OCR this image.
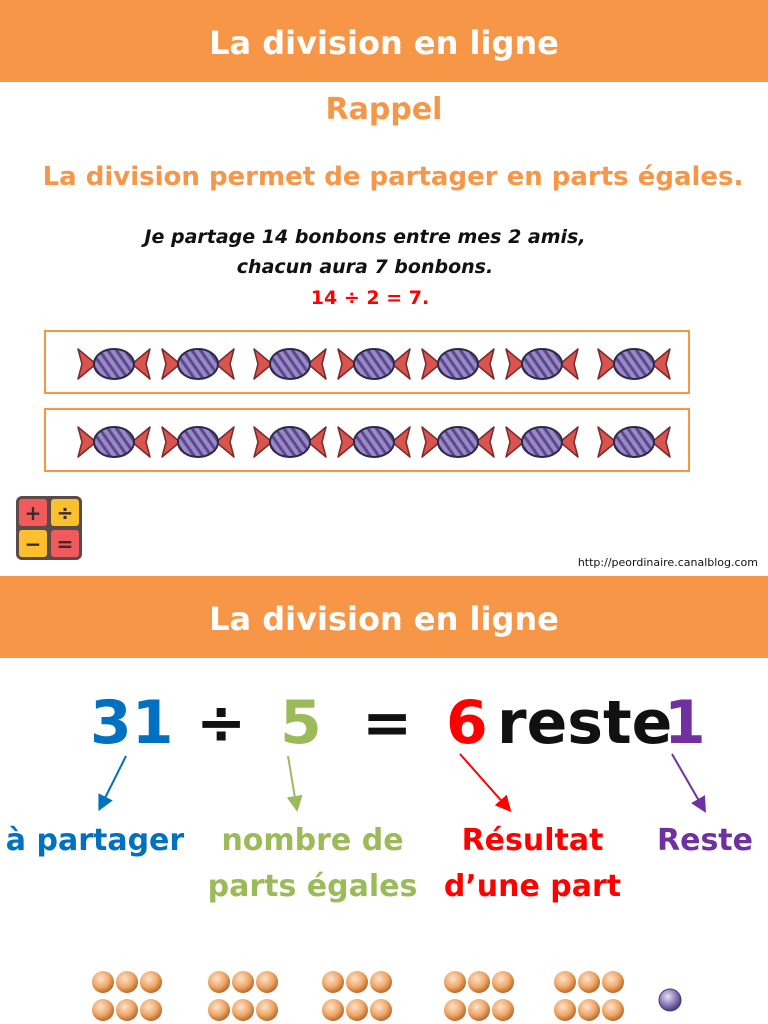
La division en ligne
Rappel
La division permet de partager en parts égales.
Je partage 14 bonbons entre mes 2 amis,
chacun aura 7 bonbons.
14 ÷ 2 = 7.
+ ÷
− =
http://peordinaire.canalblog.com
La division en ligne
31 ÷ 5 = 6 reste
1
à partager	nombre de
parts égales
Résultat
d’une part
Reste
